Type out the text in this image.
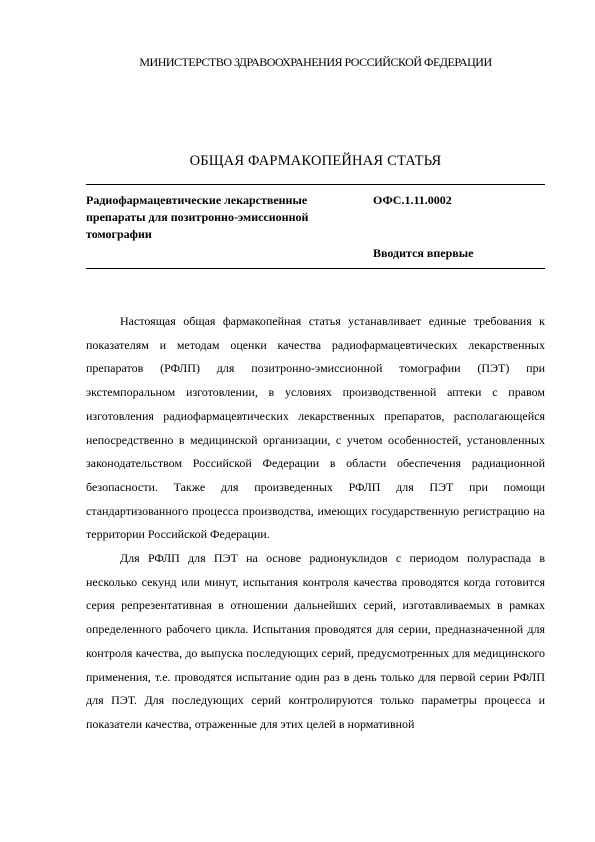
МИНИСТЕРСТВО ЗДРАВООХРАНЕНИЯ РОССИЙСКОЙ ФЕДЕРАЦИИ
ОБЩАЯ ФАРМАКОПЕЙНАЯ СТАТЬЯ
Радиофармацевтические лекарственные препараты для позитронно-эмиссионной томографии
ОФС.1.11.0002
Вводится впервые

Настоящая общая фармакопейная статья устанавливает единые требования к показателям и методам оценки качества радиофармацевтических лекарственных препаратов (РФЛП) для позитронно-эмиссионной томографии (ПЭТ) при экстемпоральном изготовлении, в условиях производственной аптеки с правом изготовления радиофармацевтических лекарственных препаратов, располагающейся непосредственно в медицинской организации, с учетом особенностей, установленных законодательством Российской Федерации в области обеспечения радиационной безопасности. Также для произведенных РФЛП для ПЭТ при помощи стандартизованного процесса производства, имеющих государственную регистрацию на территории Российской Федерации.

Для РФЛП для ПЭТ на основе радионуклидов с периодом полураспада в несколько секунд или минут, испытания контроля качества проводятся когда готовится серия репрезентативная в отношении дальнейших серий, изготавливаемых в рамках определенного рабочего цикла. Испытания проводятся для серии, предназначенной для контроля качества, до выпуска последующих серий, предусмотренных для медицинского применения, т.е. проводятся испытание один раз в день только для первой серии РФЛП для ПЭТ. Для последующих серий контролируются только параметры процесса и показатели качества, отраженные для этих целей в нормативной
